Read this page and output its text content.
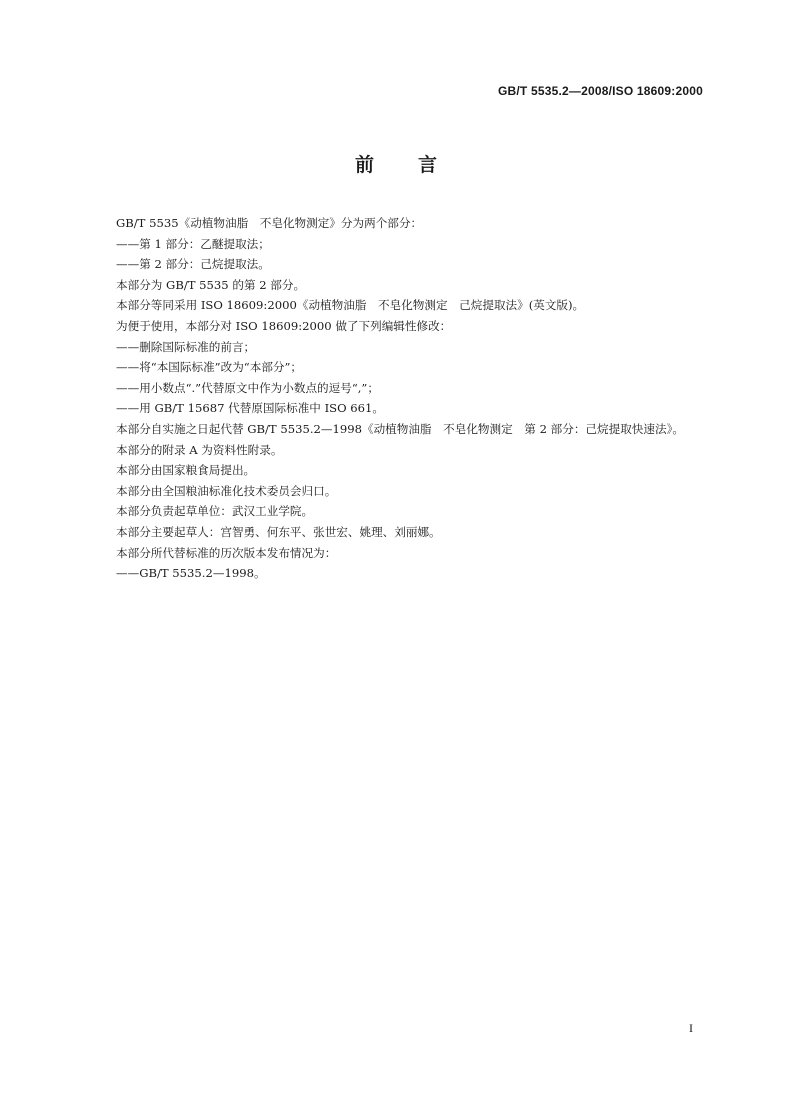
GB/T 5535.2—2008/ISO 18609:2000
前言

GB/T 5535《动植物油脂　不皂化物测定》分为两个部分：

——第 1 部分：乙醚提取法；

——第 2 部分：己烷提取法。

本部分为 GB/T 5535 的第 2 部分。

本部分等同采用 ISO 18609:2000《动植物油脂　不皂化物测定　己烷提取法》(英文版)。

为便于使用，本部分对 ISO 18609:2000 做了下列编辑性修改：

——删除国际标准的前言；

——将“本国际标准”改为“本部分”；

——用小数点“.”代替原文中作为小数点的逗号“,”；

——用 GB/T 15687 代替原国际标准中 ISO 661。

本部分自实施之日起代替 GB/T 5535.2—1998《动植物油脂　不皂化物测定　第 2 部分：己烷提取快速法》。

本部分的附录 A 为资料性附录。

本部分由国家粮食局提出。

本部分由全国粮油标准化技术委员会归口。

本部分负责起草单位：武汉工业学院。

本部分主要起草人：宫智勇、何东平、张世宏、姚理、刘丽娜。

本部分所代替标准的历次版本发布情况为：

——GB/T 5535.2—1998。

I
